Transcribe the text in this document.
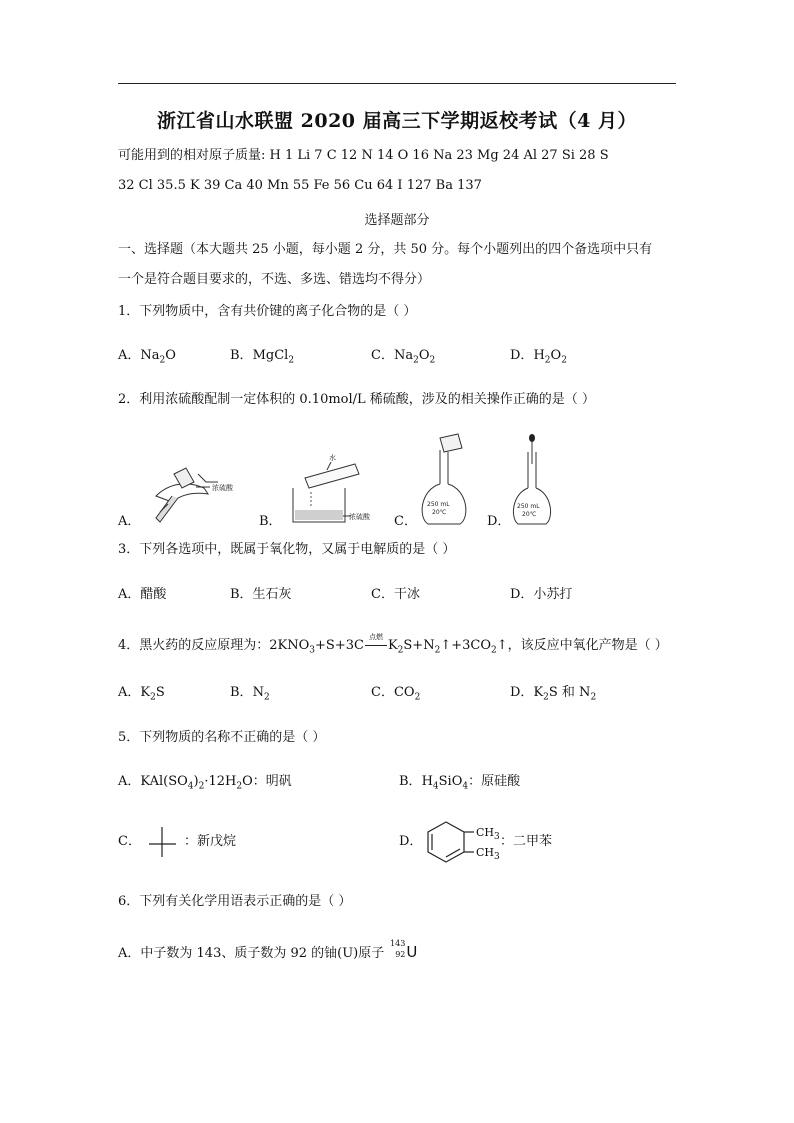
浙江省山水联盟 2020 届高三下学期返校考试（4 月）
可能用到的相对原子质量: H 1 Li 7 C 12 N 14 O 16 Na 23 Mg 24 Al 27 Si 28 S
32 Cl 35.5 K 39 Ca 40 Mn 55 Fe 56 Cu 64 I 127 Ba 137
选择题部分
一、选择题（本大题共 25 小题，每小题 2 分，共 50 分。每个小题列出的四个备选项中只有
一个是符合题目要求的，不选、多选、错选均不得分）
1．下列物质中，含有共价键的离子化合物的是（ ）
A．$Na_2O$	B．MgCl$_2$	C．$Na_2O_2$	D．$H_2O_2$
2．利用浓硫酸配制一定体积的 0.10mol/L 稀硫酸，涉及的相关操作正确的是（ ）
A．	B．	C．	D．
浓硫酸
水
浓硫酸
250 mL
20℃
250 mL
20℃
3．下列各选项中，既属于氧化物，又属于电解质的是（ ）
A．醋酸	B．生石灰	C．干冰	D．小苏打
4．黑火药的反应原理为：$2KNO_3+S+3C$
点燃
$K_2S+N_2↑+3CO_2↑$，该反应中氧化产物是（ ）
A．$K_2S$	B．$N_2$	C．$CO_2$	D．$K_2S$ 和 $N_2$
5．下列物质的名称不正确的是（ ）
A．$KAl(SO_4)_2\cdot 12H_2O$：明矾	B．$H_4SiO_4$：原硅酸
C．	：新戊烷	D．
$CH_3$
$CH_3$
：二甲苯
6．下列有关化学用语表示正确的是（ ）
A．中子数为 143、质子数为 92 的铀(U)原子
143
92 U
